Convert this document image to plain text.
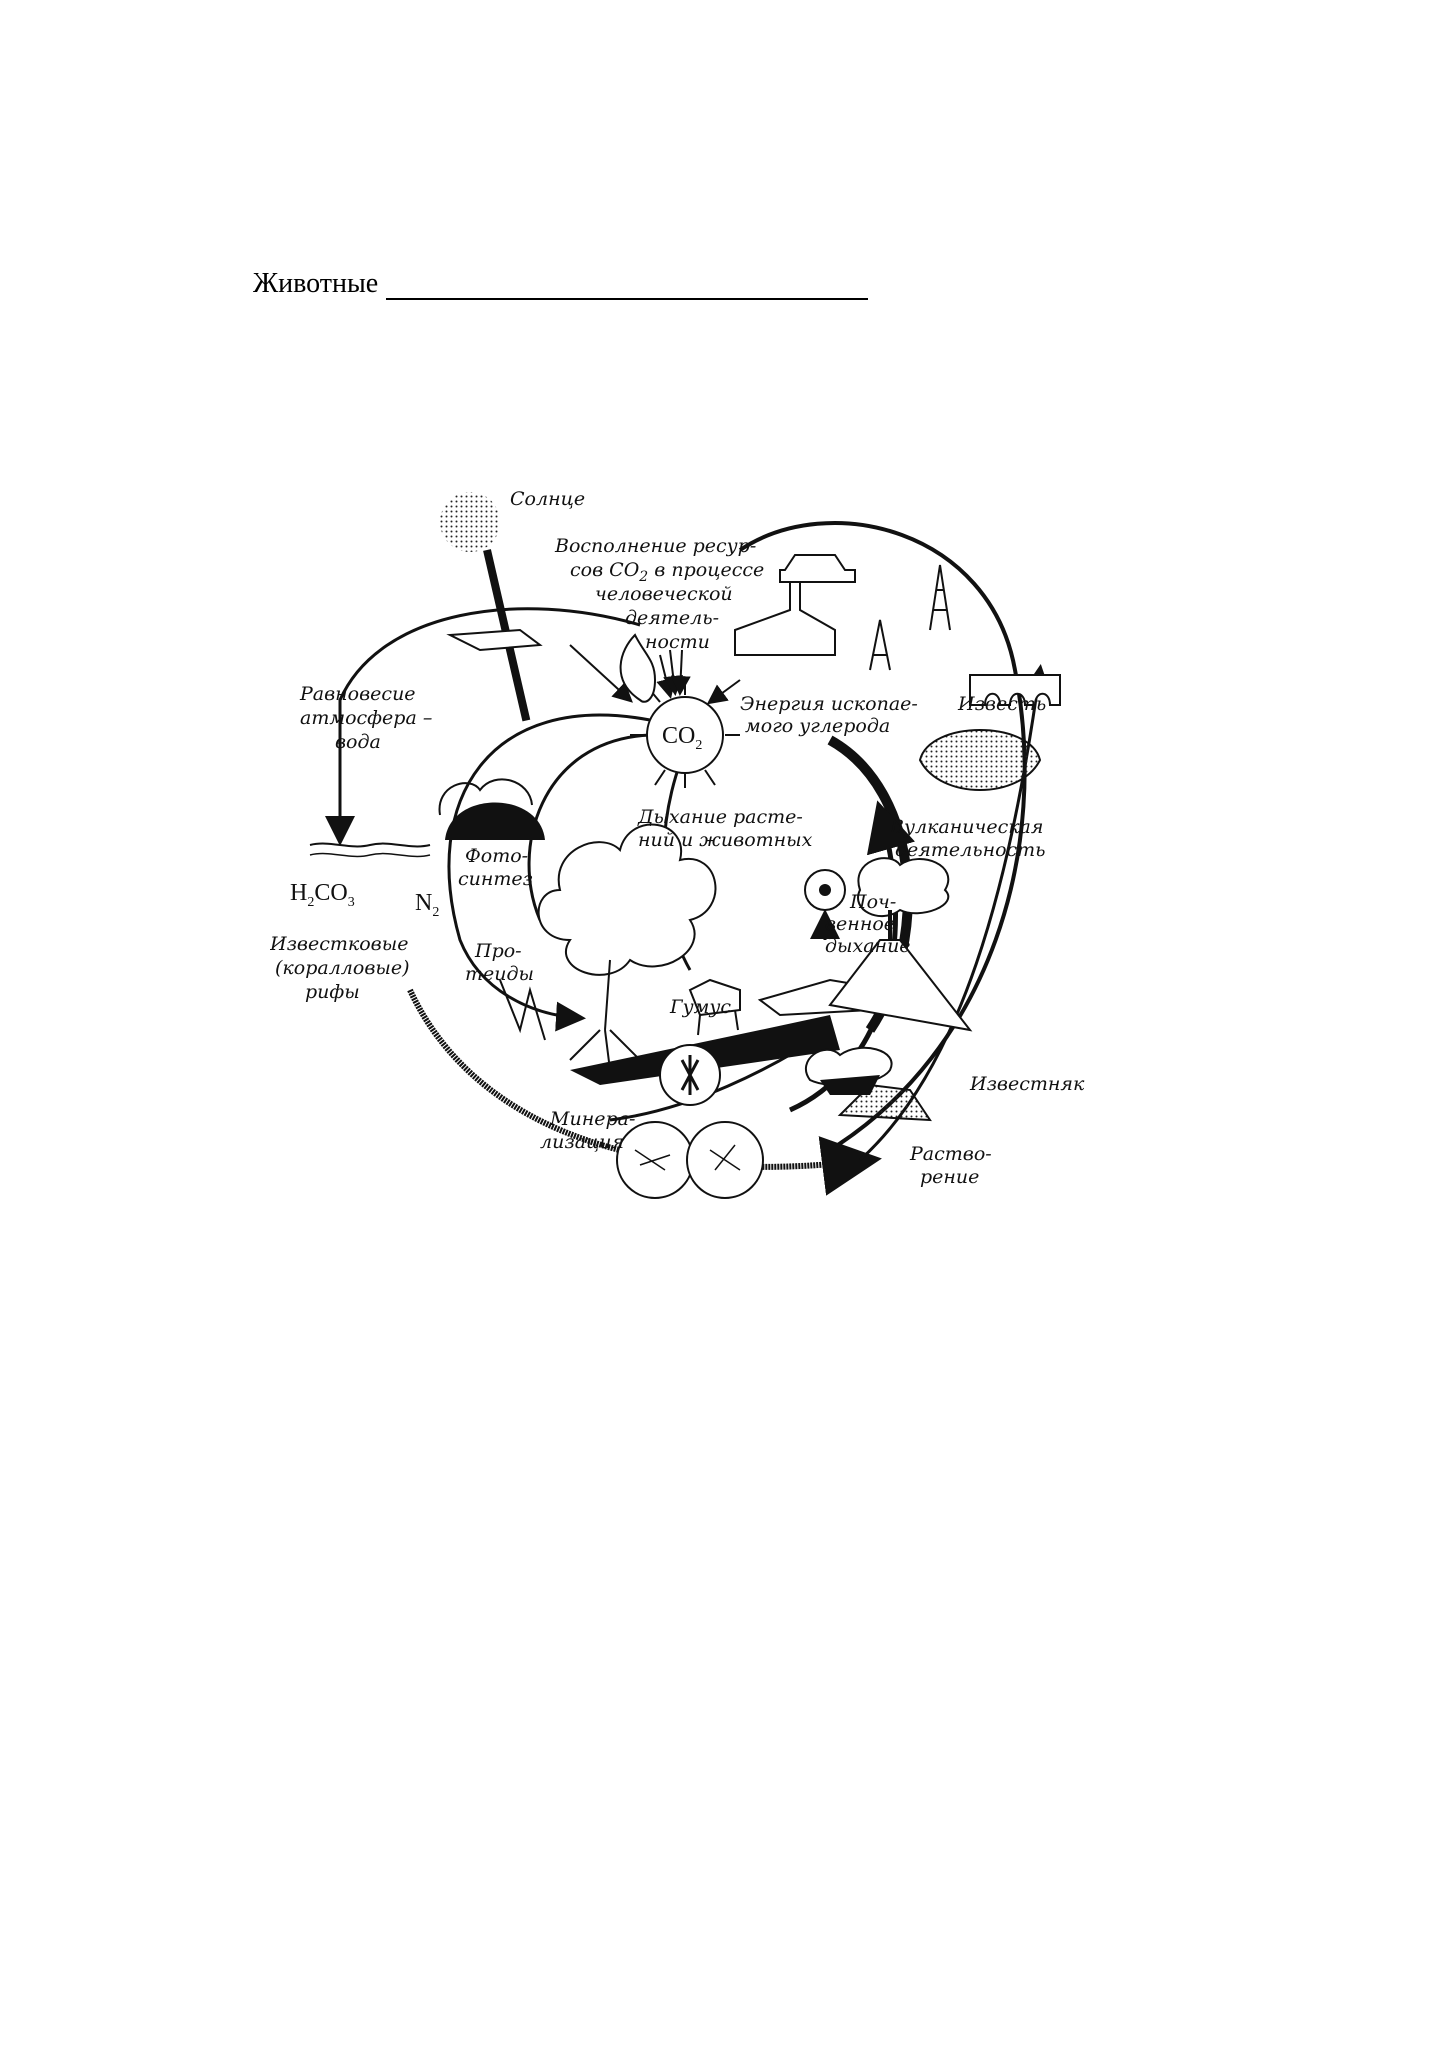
Животные
$CO_2$
Солнце
Восполнение ресур- сов $CO_2$ в процессе человеческой деятель- ности
Равновесие атмосфера – вода
Энергия ископае- мого углерода
Известь
Дыхание расте- ний и животных
Фото- синтез
Вулканическая деятельность
$H_2CO_3$	$N_2$	Поч- венное дыхание
Известковые (коралловые) рифы
Про- теиды
Гумус
Известняк
Минера- лизация
Раство- рение
